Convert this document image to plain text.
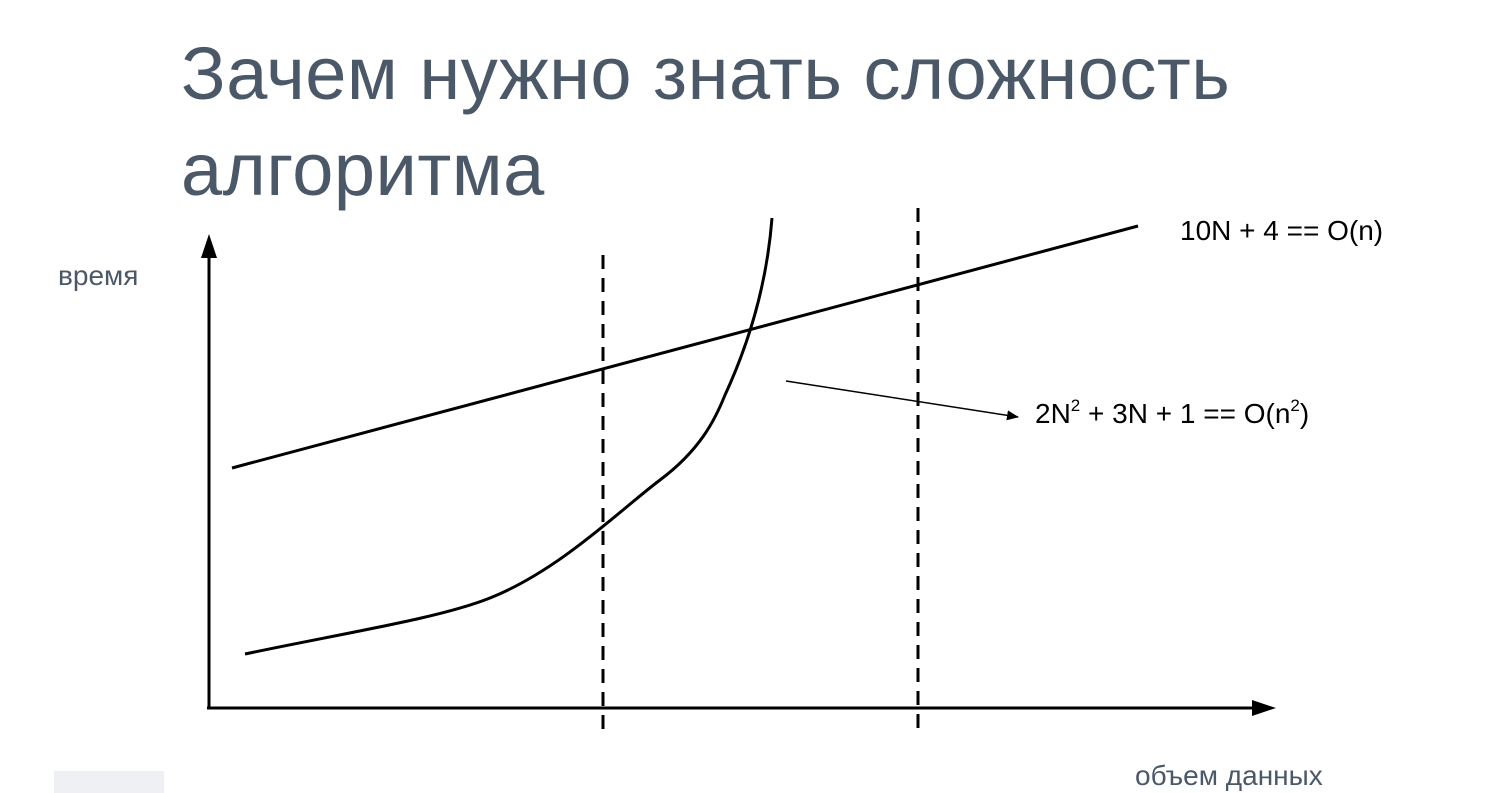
Зачем нужно знать сложность
алгоритма
время
объем данных
10N + 4 == O(n)
$2N^2 + 3N + 1 == O(n^2)$
